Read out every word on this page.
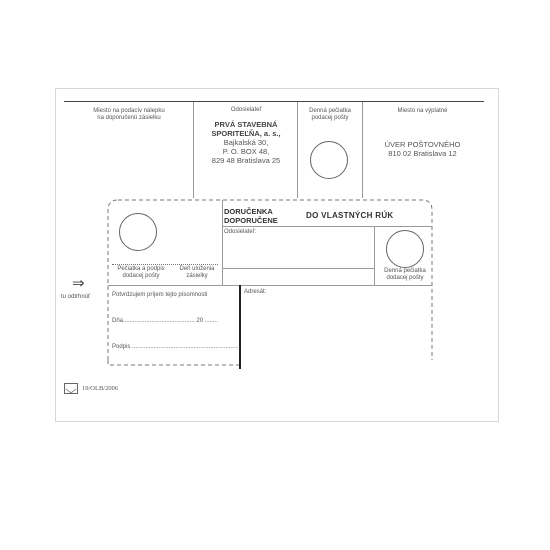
Miesto na podacív nálepku
na doporučenú zásielku
Odosielateľ
PRVÁ STAVEBNÁ
SPORITEĽŇA, a. s.,
Bajkalská 30,
P. O. BOX 48,
829 48 Bratislava 25
Denná pečiatka
podacej pošty
Miesto na výplatné
ÚVER POŠTOVNÉHO
810 02 Bratislava 12
DORUČENKA
DOPORUČENE
DO VLASTNÝCH RÚK
Odosielateľ:
Pečiatka a podpis
dodacej pošty
Deň uloženia
zásielky
Denná pečiatka
dodacej pošty
Potvrdzujem príjem tejto písomnosti
Dňa........................................... 20 ........
Podpis .................................................................
Adresát:
⇒
tu odtrhnúť
19/OLB/2006
